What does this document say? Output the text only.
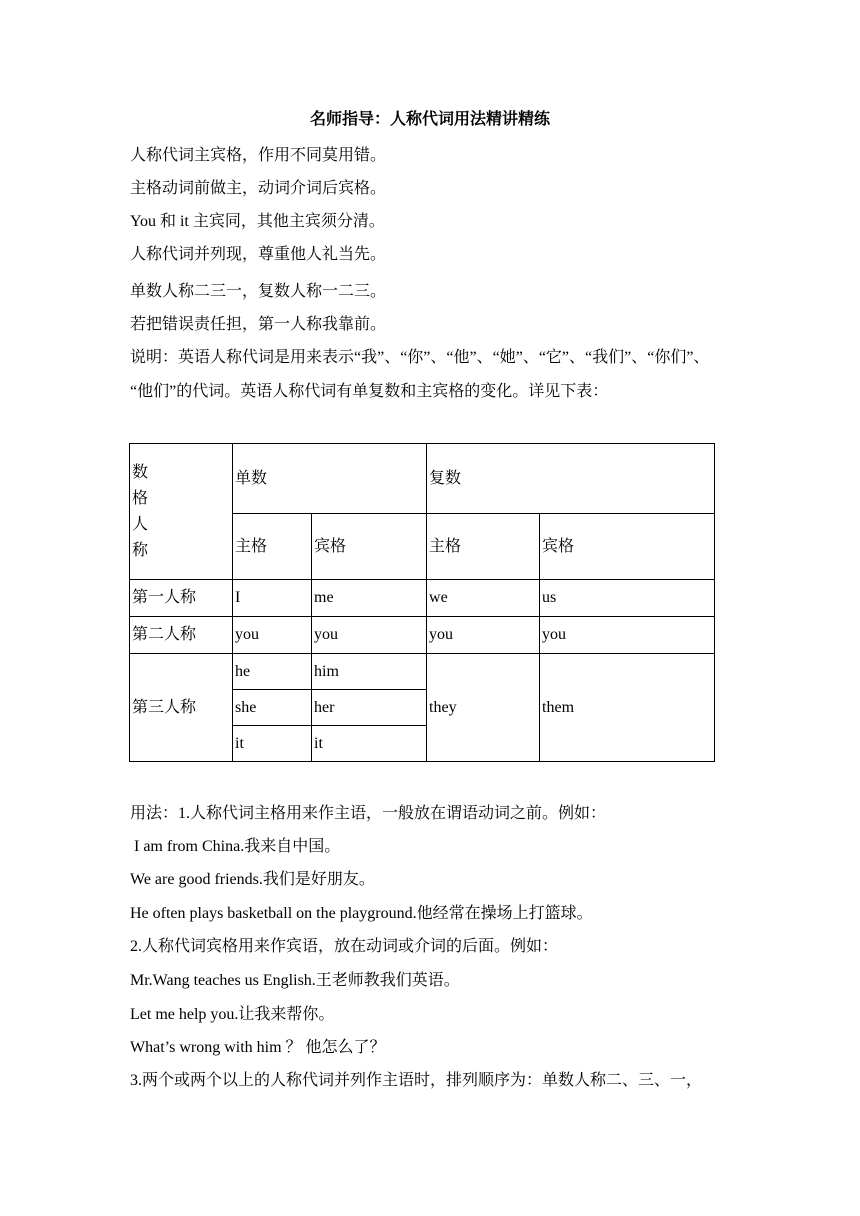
名师指导：人称代词用法精讲精练
人称代词主宾格，作用不同莫用错。
主格动词前做主，动词介词后宾格。
You 和 it 主宾同，其他主宾须分清。
人称代词并列现，尊重他人礼当先。
单数人称二三一，复数人称一二三。
若把错误责任担，第一人称我靠前。
说明：英语人称代词是用来表示“我”、“你”、“他”、“她”、“它”、“我们”、“你们”、
“他们”的代词。英语人称代词有单复数和主宾格的变化。详见下表：
数
格
人
称	单数		复数	
	主格	宾格	主格	宾格
第一人称	I	me	we	us
第二人称	you	you	you	you
第三人称	he	him	they	them
	she	her		
	it	it		
用法：1.人称代词主格用来作主语，一般放在谓语动词之前。例如：
I am from China.我来自中国。
We are good friends.我们是好朋友。
He often plays basketball on the playground.他经常在操场上打篮球。
2.人称代词宾格用来作宾语，放在动词或介词的后面。例如：
Mr.Wang teaches us English.王老师教我们英语。
Let me help you.让我来帮你。
What’s wrong with him ？ 他怎么了？
3.两个或两个以上的人称代词并列作主语时，排列顺序为：单数人称二、三、一，
